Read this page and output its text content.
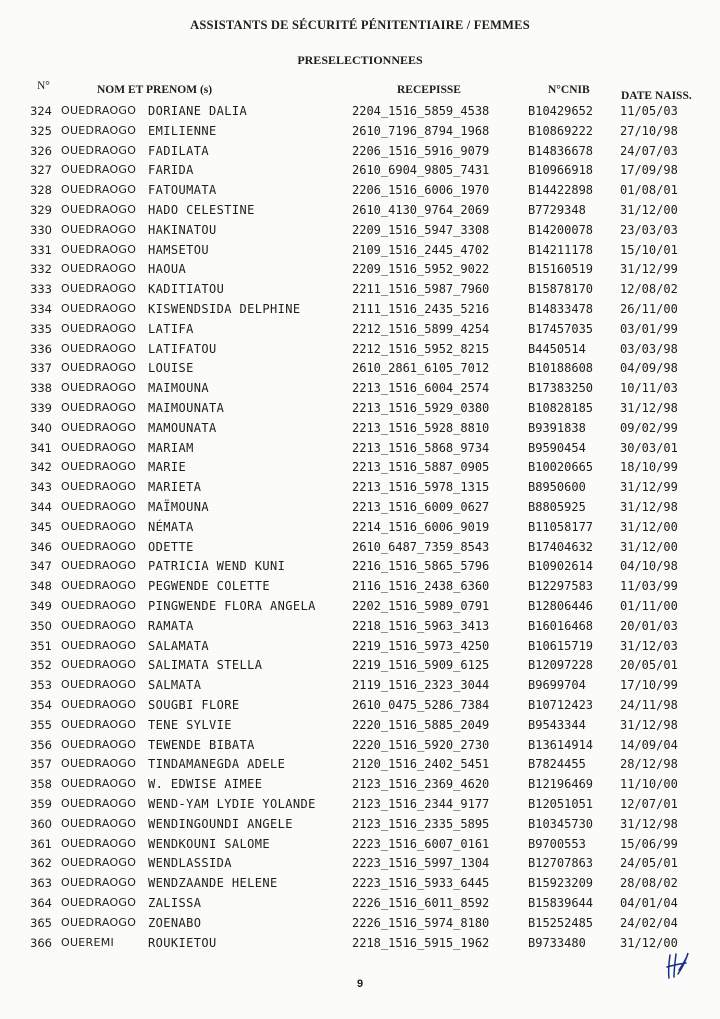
ASSISTANTS DE SÉCURITÉ PÉNITENTIAIRE / FEMMES
PRESELECTIONNEES
N°	NOM ET PRENOM (s)	RECEPISSE	N°CNIB	DATE NAISS.
324 OUEDRAOGO DORIANE DALIA	2204_1516_5859_4538	B10429652 11/05/03
325 OUEDRAOGO EMILIENNE	2610_7196_8794_1968	B10869222 27/10/98
326 OUEDRAOGO FADILATA	2206_1516_5916_9079	B14836678 24/07/03
327 OUEDRAOGO FARIDA	2610_6904_9805_7431	B10966918 17/09/98
328 OUEDRAOGO FATOUMATA	2206_1516_6006_1970	B14422898 01/08/01
329 OUEDRAOGO HADO CELESTINE	2610_4130_9764_2069	B7729348	31/12/00
330 OUEDRAOGO HAKINATOU	2209_1516_5947_3308	B14200078 23/03/03
331 OUEDRAOGO HAMSETOU	2109_1516_2445_4702	B14211178 15/10/01
332 OUEDRAOGO HAOUA	2209_1516_5952_9022	B15160519 31/12/99
333 OUEDRAOGO KADITIATOU	2211_1516_5987_7960	B15878170 12/08/02
334 OUEDRAOGO KISWENDSIDA DELPHINE	2111_1516_2435_5216	B14833478 26/11/00
335 OUEDRAOGO LATIFA	2212_1516_5899_4254	B17457035 03/01/99
336 OUEDRAOGO LATIFATOU	2212_1516_5952_8215	B4450514	03/03/98
337 OUEDRAOGO LOUISE	2610_2861_6105_7012	B10188608 04/09/98
338 OUEDRAOGO MAIMOUNA	2213_1516_6004_2574	B17383250 10/11/03
339 OUEDRAOGO MAIMOUNATA	2213_1516_5929_0380	B10828185 31/12/98
340 OUEDRAOGO MAMOUNATA	2213_1516_5928_8810	B9391838	09/02/99
341 OUEDRAOGO MARIAM	2213_1516_5868_9734	B9590454	30/03/01
342 OUEDRAOGO MARIE	2213_1516_5887_0905	B10020665 18/10/99
343 OUEDRAOGO MARIETA	2213_1516_5978_1315	B8950600	31/12/99
344 OUEDRAOGO MAÏMOUNA	2213_1516_6009_0627	B8805925	31/12/98
345 OUEDRAOGO NÉMATA	2214_1516_6006_9019	B11058177 31/12/00
346 OUEDRAOGO ODETTE	2610_6487_7359_8543	B17404632 31/12/00
347 OUEDRAOGO PATRICIA WEND KUNI	2216_1516_5865_5796	B10902614 04/10/98
348 OUEDRAOGO PEGWENDE COLETTE	2116_1516_2438_6360	B12297583 11/03/99
349 OUEDRAOGO PINGWENDE FLORA ANGELA	2202_1516_5989_0791	B12806446 01/11/00
350 OUEDRAOGO RAMATA	2218_1516_5963_3413	B16016468 20/01/03
351 OUEDRAOGO SALAMATA	2219_1516_5973_4250	B10615719 31/12/03
352 OUEDRAOGO SALIMATA STELLA	2219_1516_5909_6125	B12097228 20/05/01
353 OUEDRAOGO SALMATA	2119_1516_2323_3044	B9699704	17/10/99
354 OUEDRAOGO SOUGBI FLORE	2610_0475_5286_7384	B10712423 24/11/98
355 OUEDRAOGO TENE SYLVIE	2220_1516_5885_2049	B9543344	31/12/98
356 OUEDRAOGO TEWENDE BIBATA	2220_1516_5920_2730	B13614914 14/09/04
357 OUEDRAOGO TINDAMANEGDA ADELE	2120_1516_2402_5451	B7824455	28/12/98
358 OUEDRAOGO W. EDWISE AIMEE	2123_1516_2369_4620	B12196469 11/10/00
359 OUEDRAOGO WEND-YAM LYDIE YOLANDE	2123_1516_2344_9177	B12051051 12/07/01
360 OUEDRAOGO WENDINGOUNDI ANGELE	2123_1516_2335_5895	B10345730 31/12/98
361 OUEDRAOGO WENDKOUNI SALOME	2223_1516_6007_0161	B9700553	15/06/99
362 OUEDRAOGO WENDLASSIDA	2223_1516_5997_1304	B12707863 24/05/01
363 OUEDRAOGO WENDZAANDE HELENE	2223_1516_5933_6445	B15923209 28/08/02
364 OUEDRAOGO ZALISSA	2226_1516_6011_8592	B15839644 04/01/04
365 OUEDRAOGO ZOENABO	2226_1516_5974_8180	B15252485 24/02/04
366 OUEREMI	ROUKIETOU	2218_1516_5915_1962	B9733480	31/12/00
9
